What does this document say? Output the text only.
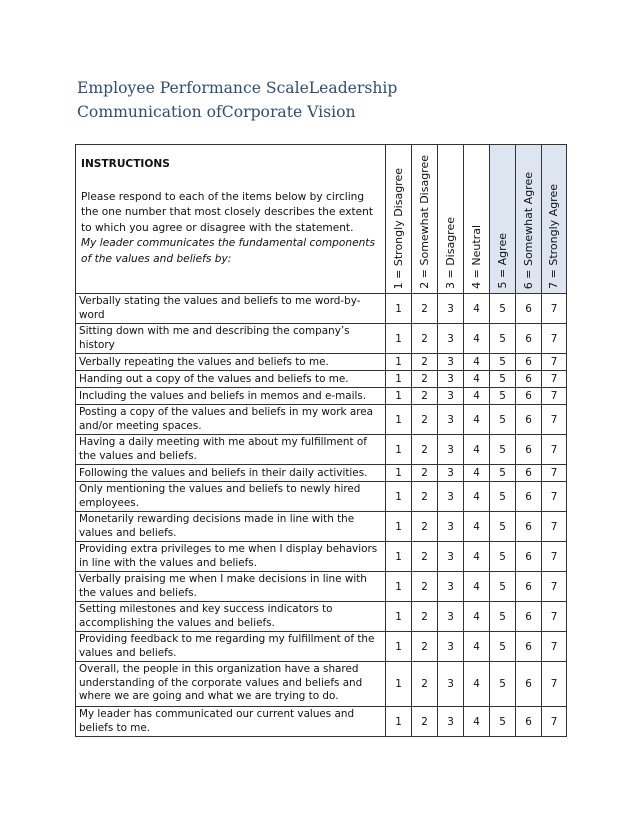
Employee Performance ScaleLeadership Communication ofCorporate Vision
INSTRUCTIONS

Please respond to each of the items below by circling the one number that most closely describes the extent to which you agree or disagree with the statement.

My leader communicates the fundamental components of the values and beliefs by:	1 = Strongly Disagree	2 = Somewhat Disagree	3 = Disagree	4 = Neutral	5 = Agree	6 = Somewhat Agree	7 = Strongly Agree
Verbally stating the values and beliefs to me word-by-word	1	2	3	4	5	6	7
Sitting down with me and describing the company’s history	1	2	3	4	5	6	7
Verbally repeating the values and beliefs to me.	1	2	3	4	5	6	7
Handing out a copy of the values and beliefs to me.	1	2	3	4	5	6	7
Including the values and beliefs in memos and e-mails.	1	2	3	4	5	6	7
Posting a copy of the values and beliefs in my work area and/or meeting spaces.	1	2	3	4	5	6	7
Having a daily meeting with me about my fulfillment of the values and beliefs.	1	2	3	4	5	6	7
Following the values and beliefs in their daily activities.	1	2	3	4	5	6	7
Only mentioning the values and beliefs to newly hired employees.	1	2	3	4	5	6	7
Monetarily rewarding decisions made in line with the values and beliefs.	1	2	3	4	5	6	7
Providing extra privileges to me when I display behaviors in line with the values and beliefs.	1	2	3	4	5	6	7
Verbally praising me when I make decisions in line with the values and beliefs.	1	2	3	4	5	6	7
Setting milestones and key success indicators to accomplishing the values and beliefs.	1	2	3	4	5	6	7
Providing feedback to me regarding my fulfillment of the values and beliefs.	1	2	3	4	5	6	7
Overall, the people in this organization have a shared understanding of the corporate values and beliefs and where we are going and what we are trying to do.	1	2	3	4	5	6	7
My leader has communicated our current values and beliefs to me.	1	2	3	4	5	6	7
